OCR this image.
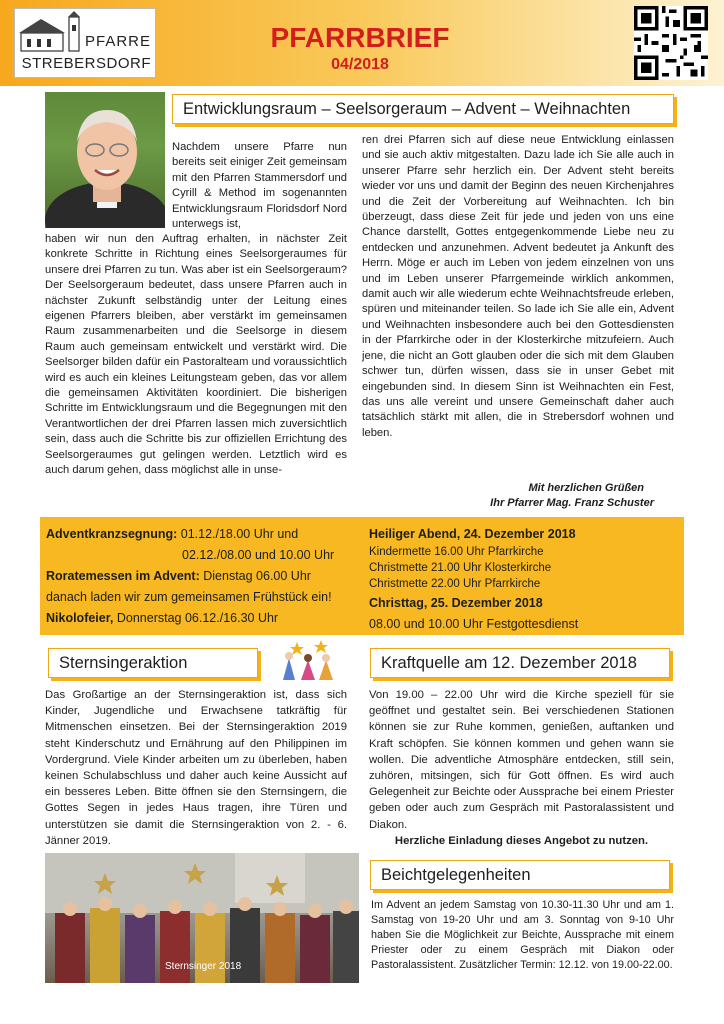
PFARRE
STREBERSDORF
PFARRBRIEF
04/2018
Entwicklungsraum – Seelsorgeraum – Advent – Weihnachten

Nachdem unsere Pfarre nun bereits seit einiger Zeit gemeinsam mit den Pfarren Stammersdorf und Cyrill & Method im sogenannten Entwicklungsraum Floridsdorf Nord unterwegs ist,

haben wir nun den Auftrag erhalten, in nächster Zeit konkrete Schritte in Richtung eines Seelsorgeraumes für unsere drei Pfarren zu tun. Was aber ist ein Seelsorgeraum? Der Seelsorgeraum bedeutet, dass unsere Pfarren auch in nächster Zukunft selbständig unter der Leitung eines eigenen Pfarrers bleiben, aber verstärkt im gemeinsamen Raum zusammenarbeiten und die Seelsorge in diesem Raum auch gemeinsam entwickelt und verstärkt wird. Die Seelsorger bilden dafür ein Pastoralteam und voraussichtlich wird es auch ein kleines Leitungsteam geben, das vor allem die gemeinsamen Aktivitäten koordiniert. Die bisherigen Schritte im Entwicklungsraum und die Begegnungen mit den Verantwortlichen der drei Pfarren lassen mich zuversichtlich sein, dass auch die Schritte bis zur offiziellen Errichtung des Seelsorgeraumes gut gelingen werden. Letztlich wird es auch darum gehen, dass möglichst alle in unse-

ren drei Pfarren sich auf diese neue Entwicklung einlassen und sie auch aktiv mitgestalten. Dazu lade ich Sie alle auch in unserer Pfarre sehr herzlich ein. Der Advent steht bereits wieder vor uns und damit der Beginn des neuen Kirchenjahres und die Zeit der Vorbereitung auf Weihnachten. Ich bin überzeugt, dass diese Zeit für jede und jeden von uns eine Chance darstellt, Gottes entgegenkommende Liebe neu zu entdecken und anzunehmen. Advent bedeutet ja Ankunft des Herrn. Möge er auch im Leben von jedem einzelnen von uns und im Leben unserer Pfarrgemeinde wirklich ankommen, damit auch wir alle wiederum echte Weihnachtsfreude erleben, spüren und miteinander teilen. So lade ich Sie alle ein, Advent und Weihnachten insbesondere auch bei den Gottesdiensten in der Pfarrkirche oder in der Klosterkirche mitzufeiern. Auch jene, die nicht an Gott glauben oder die sich mit dem Glauben schwer tun, dürfen wissen, dass sie in unser Gebet mit eingebunden sind. In diesem Sinn ist Weihnachten ein Fest, das uns alle vereint und unsere Gemeinschaft daher auch tatsächlich stärkt mit allen, die in Strebersdorf wohnen und leben.

Mit herzlichen Grüßen
Ihr Pfarrer Mag. Franz Schuster
Adventkranzsegnung: 01.12./18.00 Uhr und
02.12./08.00 und 10.00 Uhr
Roratemessen im Advent: Dienstag 06.00 Uhr
danach laden wir zum gemeinsamen Frühstück ein!
Nikolofeier, Donnerstag 06.12./16.30 Uhr
Heiliger Abend, 24. Dezember 2018
Kindermette 16.00 Uhr Pfarrkirche
Christmette 21.00 Uhr Klosterkirche
Christmette 22.00 Uhr Pfarrkirche
Christtag, 25. Dezember 2018
08.00 und 10.00 Uhr Festgottesdienst
Sternsingeraktion

Das Großartige an der Sternsingeraktion ist, dass sich Kinder, Jugendliche und Erwachsene tatkräftig für Mitmenschen einsetzen. Bei der Sternsingeraktion 2019 steht Kinderschutz und Ernährung auf den Philippinen im Vordergrund. Viele Kinder arbeiten um zu überleben, haben keinen Schulabschluss und daher auch keine Aussicht auf ein besseres Leben. Bitte öffnen sie den Sternsingern, die Gottes Segen in jedes Haus tragen, ihre Türen und unterstützen sie damit die Sternsingeraktion von 2. - 6. Jänner 2019.

Sternsinger 2018
Kraftquelle am 12. Dezember 2018

Von 19.00 – 22.00 Uhr wird die Kirche speziell für sie geöffnet und gestaltet sein. Bei verschiedenen Stationen können sie zur Ruhe kommen, genießen, auftanken und Kraft schöpfen. Sie können kommen und gehen wann sie wollen. Die adventliche Atmosphäre entdecken, still sein, zuhören, mitsingen, sich für Gott öffnen. Es wird auch Gelegenheit zur Beichte oder Aussprache bei einem Priester geben oder auch zum Gespräch mit Pastoralassistent und Diakon.

Herzliche Einladung dieses Angebot zu nutzen.
Beichtgelegenheiten

Im Advent an jedem Samstag von 10.30-11.30 Uhr und am 1. Samstag von 19-20 Uhr und am 3. Sonntag von 9-10 Uhr haben Sie die Möglichkeit zur Beichte, Aussprache mit einem Priester oder zu einem Gespräch mit Diakon oder Pastoralassistent. Zusätzlicher Termin: 12.12. von 19.00-22.00.
